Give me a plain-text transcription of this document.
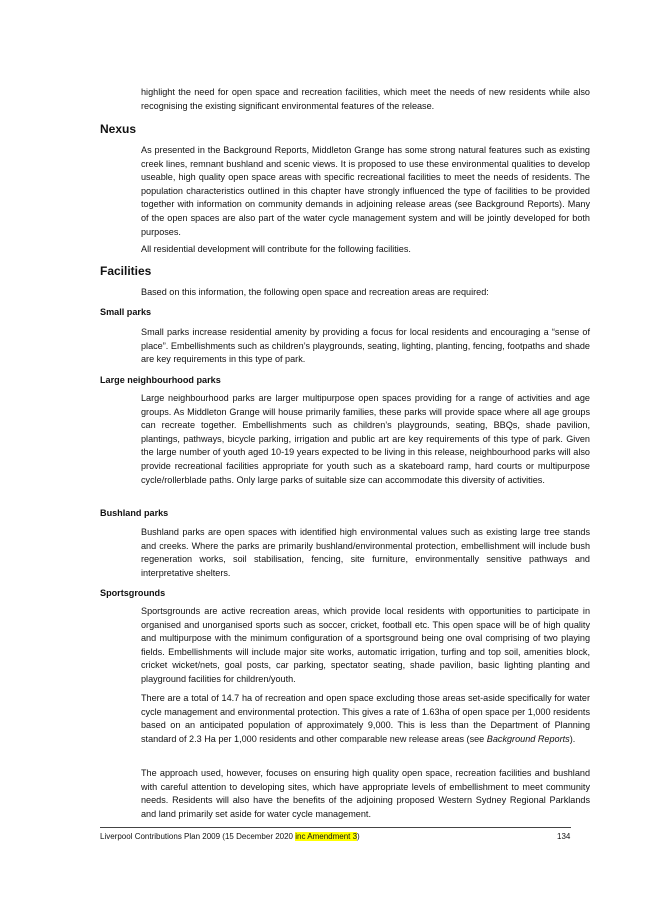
highlight the need for open space and recreation facilities, which meet the needs of new residents while also recognising the existing significant environmental features of the release.

Nexus

As presented in the Background Reports, Middleton Grange has some strong natural features such as existing creek lines, remnant bushland and scenic views. It is proposed to use these environmental qualities to develop useable, high quality open space areas with specific recreational facilities to meet the needs of residents. The population characteristics outlined in this chapter have strongly influenced the type of facilities to be provided together with information on community demands in adjoining release areas (see Background Reports). Many of the open spaces are also part of the water cycle management system and will be jointly developed for both purposes.

All residential development will contribute for the following facilities.

Facilities

Based on this information, the following open space and recreation areas are required:

Small parks

Small parks increase residential amenity by providing a focus for local residents and encouraging a “sense of place”. Embellishments such as children’s playgrounds, seating, lighting, planting, fencing, footpaths and shade are key requirements in this type of park.

Large neighbourhood parks

Large neighbourhood parks are larger multipurpose open spaces providing for a range of activities and age groups. As Middleton Grange will house primarily families, these parks will provide space where all age groups can recreate together. Embellishments such as children’s playgrounds, seating, BBQs, shade pavilion, plantings, pathways, bicycle parking, irrigation and public art are key requirements of this type of park. Given the large number of youth aged 10-19 years expected to be living in this release, neighbourhood parks will also provide recreational facilities appropriate for youth such as a skateboard ramp, hard courts or multipurpose cycle/rollerblade paths. Only large parks of suitable size can accommodate this diversity of activities.

Bushland parks

Bushland parks are open spaces with identified high environmental values such as existing large tree stands and creeks. Where the parks are primarily bushland/environmental protection, embellishment will include bush regeneration works, soil stabilisation, fencing, site furniture, environmentally sensitive pathways and interpretative shelters.

Sportsgrounds

Sportsgrounds are active recreation areas, which provide local residents with opportunities to participate in organised and unorganised sports such as soccer, cricket, football etc. This open space will be of high quality and multipurpose with the minimum configuration of a sportsground being one oval comprising of two playing fields. Embellishments will include major site works, automatic irrigation, turfing and top soil, amenities block, cricket wicket/nets, goal posts, car parking, spectator seating, shade pavilion, basic lighting planting and playground facilities for children/youth.

There are a total of 14.7 ha of recreation and open space excluding those areas set-aside specifically for water cycle management and environmental protection. This gives a rate of 1.63ha of open space per 1,000 residents based on an anticipated population of approximately 9,000. This is less than the Department of Planning standard of 2.3 Ha per 1,000 residents and other comparable new release areas (see Background Reports).

The approach used, however, focuses on ensuring high quality open space, recreation facilities and bushland with careful attention to developing sites, which have appropriate levels of embellishment to meet community needs. Residents will also have the benefits of the adjoining proposed Western Sydney Regional Parklands and land primarily set aside for water cycle management.

Liverpool Contributions Plan 2009 (15 December 2020 inc Amendment 3)	134
